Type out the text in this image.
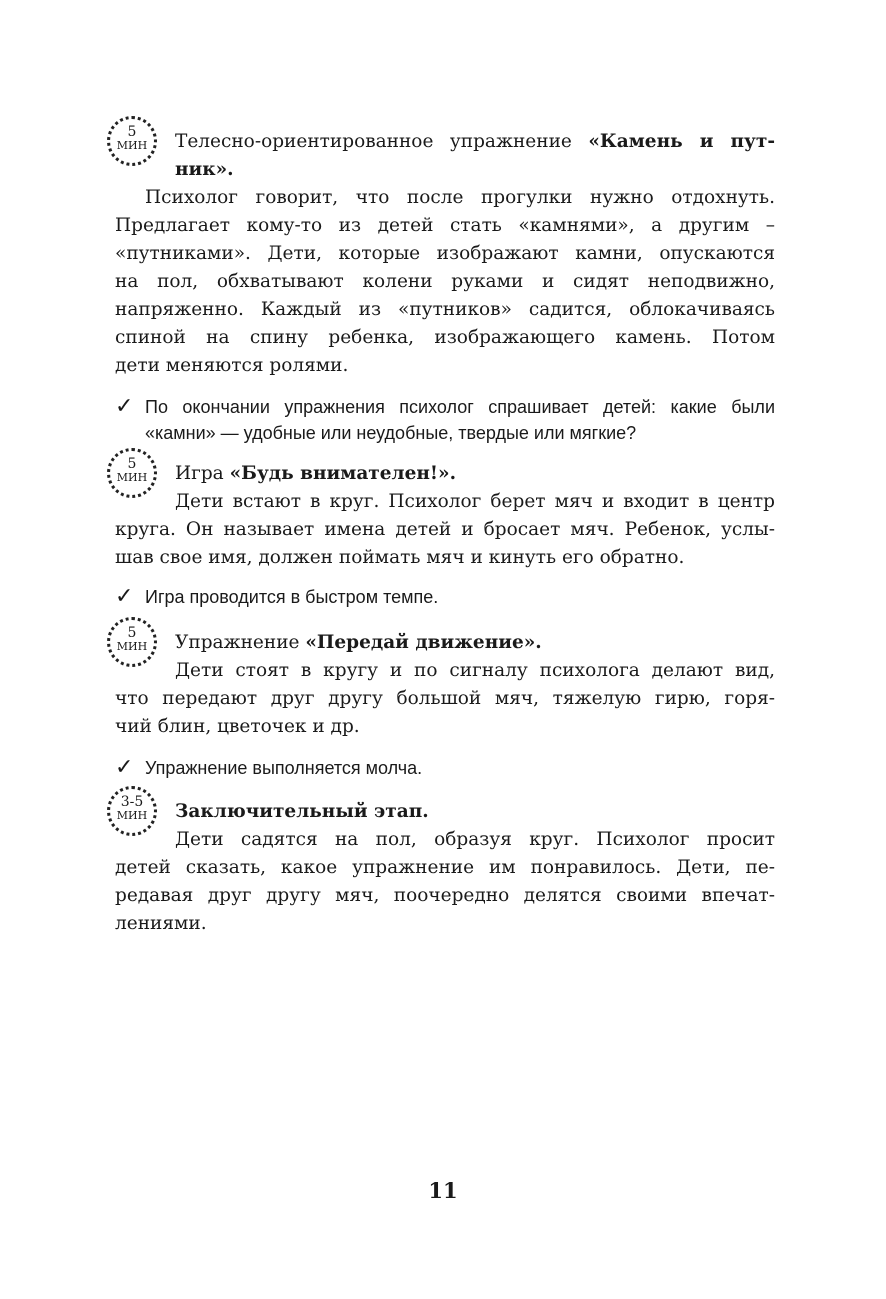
5
МИН	Телесно-ориентированное упражнение «Камень и пут-
ник».
Психолог говорит, что после прогулки нужно отдохнуть.
Предлагает кому-то из детей стать «камнями», а другим –
«путниками». Дети, которые изображают камни, опускаются
на пол, обхватывают колени руками и сидят неподвижно,
напряженно. Каждый из «путников» садится, облокачиваясь
спиной на спину ребенка, изображающего камень. Потом
дети меняются ролями.
✓ По окончании упражнения психолог спрашивает детей: какие были
«камни» — удобные или неудобные, твердые или мягкие?
5
МИН	Игра «Будь внимателен!».
Дети встают в круг. Психолог берет мяч и входит в центр
круга. Он называет имена детей и бросает мяч. Ребенок, услы-
шав свое имя, должен поймать мяч и кинуть его обратно.
✓ Игра проводится в быстром темпе.
5
МИН	Упражнение «Передай движение».
Дети стоят в кругу и по сигналу психолога делают вид,
что передают друг другу большой мяч, тяжелую гирю, горя-
чий блин, цветочек и др.
✓ Упражнение выполняется молча.
3-5
МИН	Заключительный этап.
Дети садятся на пол, образуя круг. Психолог просит
детей сказать, какое упражнение им понравилось. Дети, пе-
редавая друг другу мяч, поочередно делятся своими впечат-
лениями.
11
